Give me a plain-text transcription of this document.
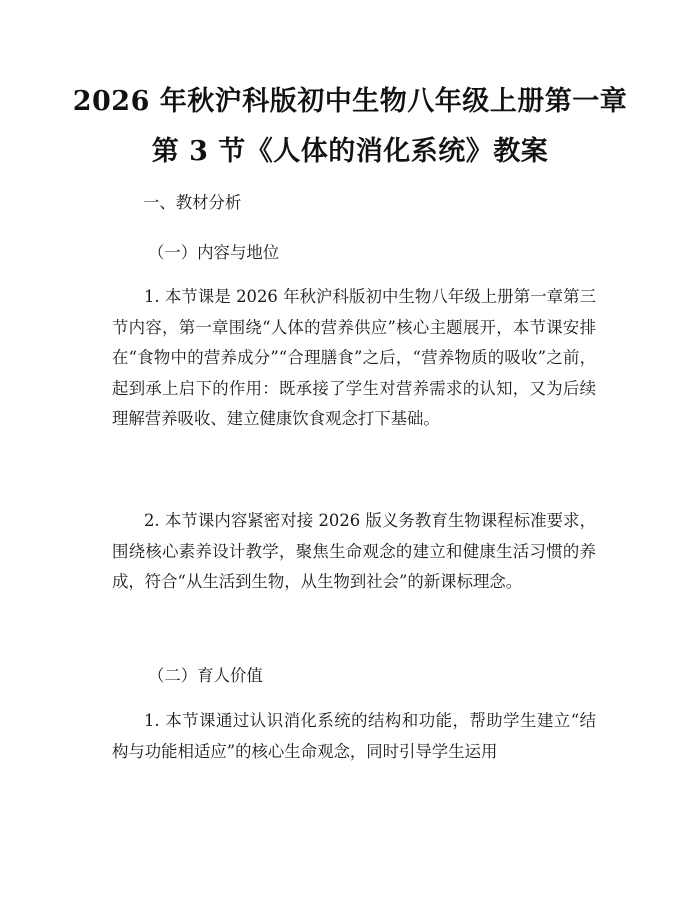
2026 年秋沪科版初中生物八年级上册第一章
第 3 节《人体的消化系统》教案
一、教材分析
（一）内容与地位

1. 本节课是 2026 年秋沪科版初中生物八年级上册第一章第三节内容，第一章围绕“人体的营养供应”核心主题展开，本节课安排在“食物中的营养成分”“合理膳食”之后，“营养物质的吸收”之前，起到承上启下的作用：既承接了学生对营养需求的认知，又为后续理解营养吸收、建立健康饮食观念打下基础。

2. 本节课内容紧密对接 2026 版义务教育生物课程标准要求，围绕核心素养设计教学，聚焦生命观念的建立和健康生活习惯的养成，符合“从生活到生物，从生物到社会”的新课标理念。

（二）育人价值

1. 本节课通过认识消化系统的结构和功能，帮助学生建立“结构与功能相适应”的核心生命观念，同时引导学生运用
